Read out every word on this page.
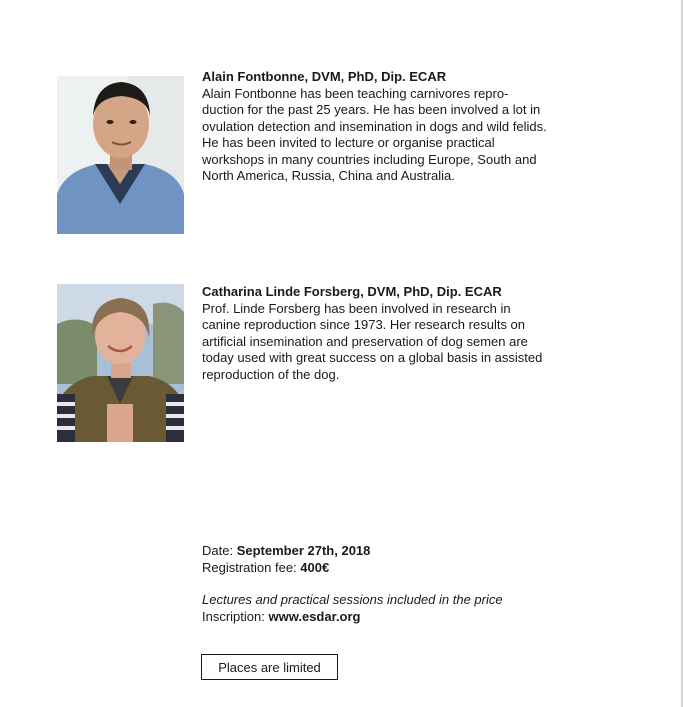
Alain Fontbonne, DVM, PhD, Dip. ECAR
Alain Fontbonne has been teaching carnivores repro-duction for the past 25 years. He has been involved a lot in ovulation detection and insemination in dogs and wild felids. He has been invited to lecture or organise practical workshops in many countries including Europe, South and North America, Russia, China and Australia.
Catharina Linde Forsberg, DVM, PhD, Dip. ECAR
Prof. Linde Forsberg has been involved in research in canine reproduction since 1973. Her research results on artificial insemination and preservation of dog semen are today used with great success on a global basis in assisted reproduction of the dog.
Date: September 27th, 2018
Registration fee: 400€
Lectures and practical sessions included in the price
Inscription: www.esdar.org
Places are limited
